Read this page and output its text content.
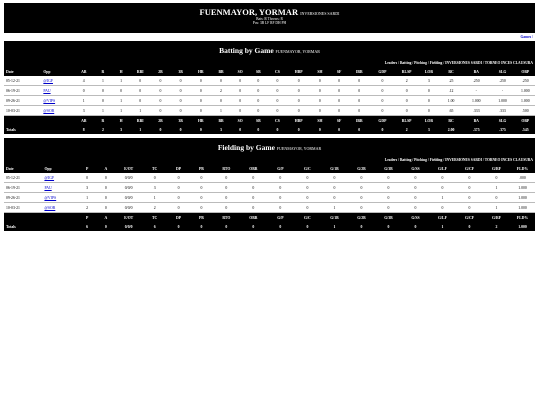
FUENMAYOR, YORMAR INVERSIONES SARDI
Bats: R Throws: R
Pos: 3B LF RF DH PH
Games /
Batting by Game FUENMAYOR, YORMAR
Leaders / Batting / Pitching / Fielding / INVERSIONES SARDI / TORNEO INCES CLAUSURA
Date	Opp	AB	R	H	RBI	2B	3B	HR	BB	SO	SB	CS	HBP	SH	SF	IBB	GDP	RLSP	LOB	RC	BA	SLG	OBP
05-12-21	@IGF	4	1	1	0	0	0	0	0	0	0	0	0	0	0	0	0	2	3	.25	.250	.250	.250
06-19-21	PAU	0	0	0	0	0	0	0	2	0	0	0	0	0	0	0	0	0	0	.12	-	-	1.000
09-26-21	@VIPS	1	0	1	0	0	0	0	0	0	0	0	0	0	0	0	0	0	0	1.00	1.000	1.000	1.000
10-03-21	@SOR	3	1	1	1	0	0	0	1	0	0	0	0	0	0	0	0	0	0	.65	.333	.333	.500
		AB	R	H	RBI	2B	3B	HR	BB	SO	SB	CS	HBP	SH	SF	IBB	GDP	RLSP	LOB	RC	BA	SLG	OBP
Totals		8	2	3	1	0	0	0	3	0	0	0	0	0	0	0	0	2	3	2.00	.375	.375	.545
Fielding by Game FUENMAYOR, YORMAR
Leaders / Batting / Pitching / Fielding / INVERSIONES SARDI / TORNEO INCES CLAUSURA
Date	Opp	P	A	E/OT	TC	DP	PB	RTO	OBR	G/P	G/C	G/1B	G/2B	G/3B	G/SS	G/LF	G/CF	G/RF	FLD%
05-12-21	@IGF	0	0	0/0/0	0	0	0	0	0	0	0	0	0	0	0	0	0	0	.000
06-19-21	PAU	3	0	0/0/0	3	0	0	0	0	0	0	0	0	0	0	0	0	1	1.000
09-26-21	@VIPS	1	0	0/0/0	1	0	0	0	0	0	0	0	0	0	0	1	0	0	1.000
10-03-21	@SOR	2	0	0/0/0	2	0	0	0	0	0	0	1	0	0	0	0	0	1	1.000
		P	A	E/OT	TC	DP	PB	RTO	OBR	G/P	G/C	G/1B	G/2B	G/3B	G/SS	G/LF	G/CF	G/RF	FLD%
Totals		6	0	0/0/0	6	0	0	0	0	0	0	1	0	0	0	1	0	2	1.000
